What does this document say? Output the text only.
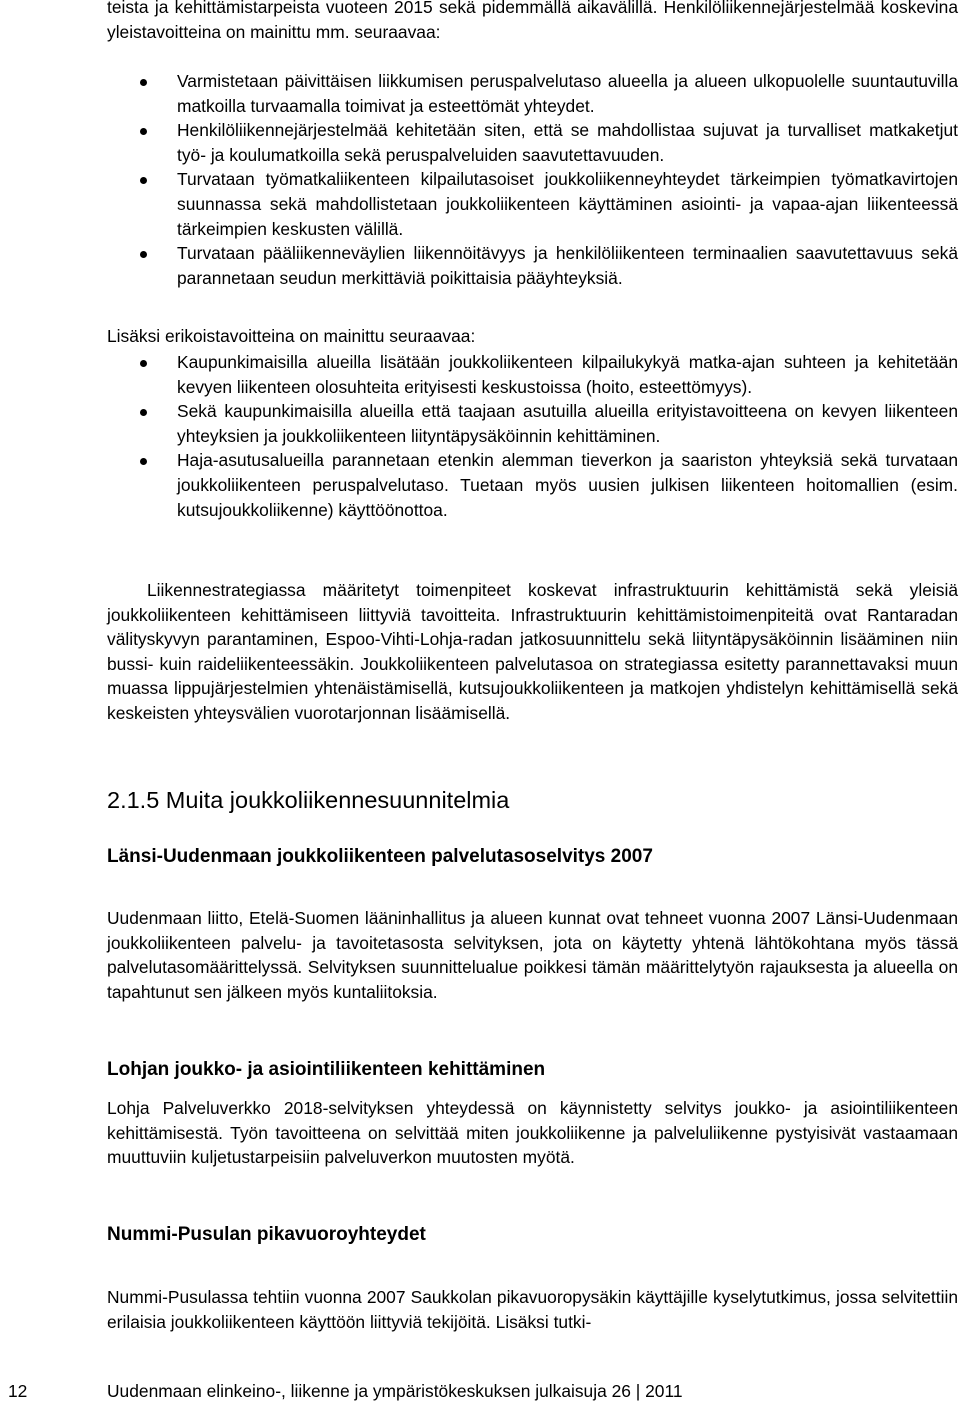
teista ja kehittämistarpeista vuoteen 2015 sekä pidemmällä aikavälillä. Henkilöliikennejärjestelmää koskevina yleistavoitteina on mainittu mm. seuraavaa:

Varmistetaan päivittäisen liikkumisen peruspalvelutaso alueella ja alueen ulkopuolelle suuntautuvilla matkoilla turvaamalla toimivat ja esteettömät yhteydet.
Henkilöliikennejärjestelmää kehitetään siten, että se mahdollistaa sujuvat ja turvalliset matkaketjut työ- ja koulumatkoilla sekä peruspalveluiden saavutettavuuden.
Turvataan työmatkaliikenteen kilpailutasoiset joukkoliikenneyhteydet tärkeimpien työmatkavirtojen suunnassa sekä mahdollistetaan joukkoliikenteen käyttäminen asiointi- ja vapaa-ajan liikenteessä tärkeimpien keskusten välillä.
Turvataan pääliikenneväylien liikennöitävyys ja henkilöliikenteen terminaalien saavutettavuus sekä parannetaan seudun merkittäviä poikittaisia pääyhteyksiä.

Lisäksi erikoistavoitteina on mainittu seuraavaa:

Kaupunkimaisilla alueilla lisätään joukkoliikenteen kilpailukykyä matka-ajan suhteen ja kehitetään kevyen liikenteen olosuhteita erityisesti keskustoissa (hoito, esteettömyys).
Sekä kaupunkimaisilla alueilla että taajaan asutuilla alueilla erityistavoitteena on kevyen liikenteen yhteyksien ja joukkoliikenteen liityntäpysäköinnin kehittäminen.
Haja-asutusalueilla parannetaan etenkin alemman tieverkon ja saariston yhteyksiä sekä turvataan joukkoliikenteen peruspalvelutaso. Tuetaan myös uusien julkisen liikenteen hoitomallien (esim. kutsujoukkoliikenne) käyttöönottoa.

Liikennestrategiassa määritetyt toimenpiteet koskevat infrastruktuurin kehittämistä sekä yleisiä joukkoliikenteen kehittämiseen liittyviä tavoitteita. Infrastruktuurin kehittämistoimenpiteitä ovat Rantaradan välityskyvyn parantaminen, Espoo-Vihti-Lohja-radan jatkosuunnittelu sekä liityntäpysäköinnin lisääminen niin bussi- kuin raideliikenteessäkin. Joukkoliikenteen palvelutasoa on strategiassa esitetty parannettavaksi muun muassa lippujärjestelmien yhtenäistämisellä, kutsujoukkoliikenteen ja matkojen yhdistelyn kehittämisellä sekä keskeisten yhteysvälien vuorotarjonnan lisäämisellä.

2.1.5 Muita joukkoliikennesuunnitelmia
Länsi-Uudenmaan joukkoliikenteen palvelutasoselvitys 2007

Uudenmaan liitto, Etelä-Suomen lääninhallitus ja alueen kunnat ovat tehneet vuonna 2007 Länsi-Uudenmaan joukkoliikenteen palvelu- ja tavoitetasosta selvityksen, jota on käytetty yhtenä lähtökohtana myös tässä palvelutasomäärittelyssä. Selvityksen suunnittelualue poikkesi tämän määrittelytyön rajauksesta ja alueella on tapahtunut sen jälkeen myös kuntaliitoksia.

Lohjan joukko- ja asiointiliikenteen kehittäminen

Lohja Palveluverkko 2018-selvityksen yhteydessä on käynnistetty selvitys joukko- ja asiointiliikenteen kehittämisestä. Työn tavoitteena on selvittää miten joukkoliikenne ja palveluliikenne pystyisivät vastaamaan muuttuviin kuljetustarpeisiin palveluverkon muutosten myötä.

Nummi-Pusulan pikavuoroyhteydet

Nummi-Pusulassa tehtiin vuonna 2007 Saukkolan pikavuoropysäkin käyttäjille kyselytutkimus, jossa selvitettiin erilaisia joukkoliikenteen käyttöön liittyviä tekijöitä. Lisäksi tutki-

12	Uudenmaan elinkeino-, liikenne ja ympäristökeskuksen julkaisuja 26 | 2011
